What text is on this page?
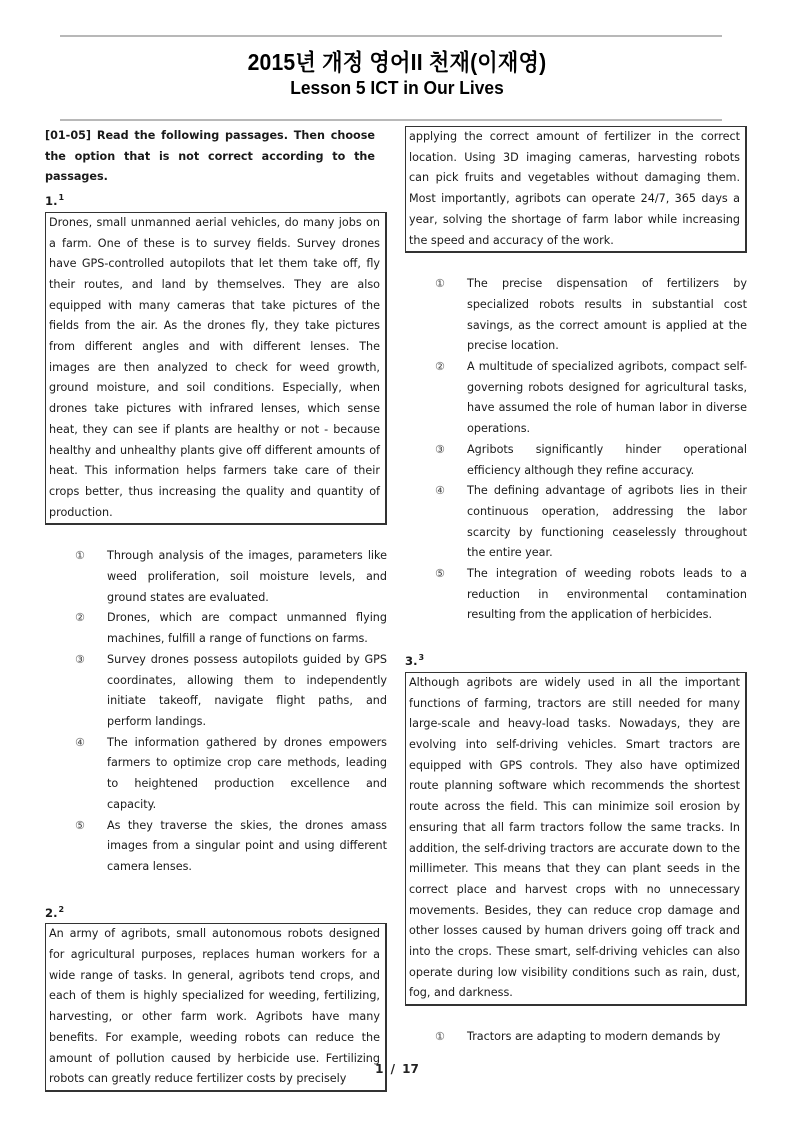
2015년 개정 영어II 천재(이재영)
Lesson 5 ICT in Our Lives
[01-05] Read the following passages. Then choose the option that is not correct according to the passages.
1.$^1$
Drones, small unmanned aerial vehicles, do many jobs on a farm. One of these is to survey fields. Survey drones have GPS-controlled autopilots that let them take off, fly their routes, and land by themselves. They are also equipped with many cameras that take pictures of the fields from the air. As the drones fly, they take pictures from different angles and with different lenses. The images are then analyzed to check for weed growth, ground moisture, and soil conditions. Especially, when drones take pictures with infrared lenses, which sense heat, they can see if plants are healthy or not - because healthy and unhealthy plants give off different amounts of heat. This information helps farmers take care of their crops better, thus increasing the quality and quantity of production.
① Through analysis of the images, parameters like weed proliferation, soil moisture levels, and ground states are evaluated.
② Drones, which are compact unmanned flying machines, fulfill a range of functions on farms.
③ Survey drones possess autopilots guided by GPS coordinates, allowing them to independently initiate takeoff, navigate flight paths, and perform landings.
④ The information gathered by drones empowers farmers to optimize crop care methods, leading to heightened production excellence and capacity.
⑤ As they traverse the skies, the drones amass images from a singular point and using different camera lenses.
2.$^2$
An army of agribots, small autonomous robots designed for agricultural purposes, replaces human workers for a wide range of tasks. In general, agribots tend crops, and each of them is highly specialized for weeding, fertilizing, harvesting, or other farm work. Agribots have many benefits. For example, weeding robots can reduce the amount of pollution caused by herbicide use. Fertilizing robots can greatly reduce fertilizer costs by precisely
applying the correct amount of fertilizer in the correct location. Using 3D imaging cameras, harvesting robots can pick fruits and vegetables without damaging them. Most importantly, agribots can operate 24/7, 365 days a year, solving the shortage of farm labor while increasing the speed and accuracy of the work.
① The precise dispensation of fertilizers by specialized robots results in substantial cost savings, as the correct amount is applied at the precise location.
② A multitude of specialized agribots, compact self-governing robots designed for agricultural tasks, have assumed the role of human labor in diverse operations.
③ Agribots significantly hinder operational efficiency although they refine accuracy.
④ The defining advantage of agribots lies in their continuous operation, addressing the labor scarcity by functioning ceaselessly throughout the entire year.
⑤ The integration of weeding robots leads to a reduction in environmental contamination resulting from the application of herbicides.
3.$^3$
Although agribots are widely used in all the important functions of farming, tractors are still needed for many large-scale and heavy-load tasks. Nowadays, they are evolving into self-driving vehicles. Smart tractors are equipped with GPS controls. They also have optimized route planning software which recommends the shortest route across the field. This can minimize soil erosion by ensuring that all farm tractors follow the same tracks. In addition, the self-driving tractors are accurate down to the millimeter. This means that they can plant seeds in the correct place and harvest crops with no unnecessary movements. Besides, they can reduce crop damage and other losses caused by human drivers going off track and into the crops. These smart, self-driving vehicles can also operate during low visibility conditions such as rain, dust, fog, and darkness.
① Tractors are adapting to modern demands by
1 / 17
